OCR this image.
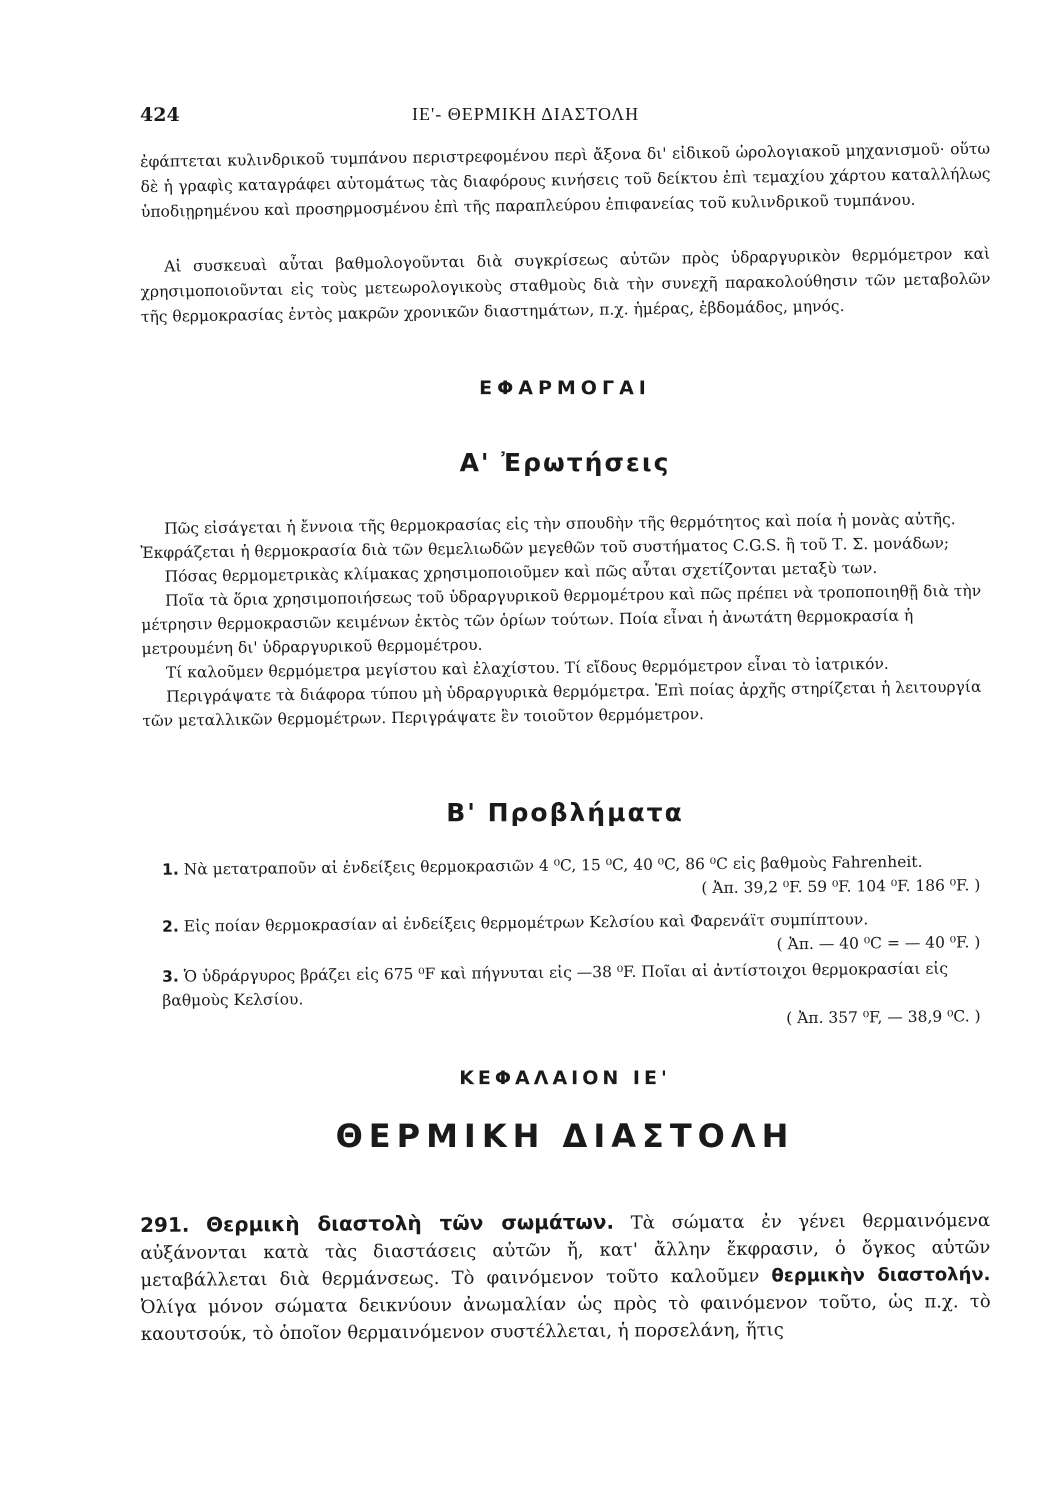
424	ΙΕ'- ΘΕΡΜΙΚΗ ΔΙΑΣΤΟΛΗ
ἐφάπτεται κυλινδρικοῦ τυμπάνου περιστρεφομένου περὶ ἄξονα δι' εἰδικοῦ ὡρολογιακοῦ μηχανισμοῦ· οὕτω δὲ ἡ γραφὶς καταγράφει αὐτομάτως τὰς διαφόρους κινήσεις τοῦ δείκτου ἐπὶ τεμαχίου χάρτου καταλλήλως ὑποδιῃρημένου καὶ προσηρμοσμένου ἐπὶ τῆς παραπλεύρου ἐπιφανείας τοῦ κυλινδρικοῦ τυμπάνου.
Αἱ συσκευαὶ αὗται βαθμολογοῦνται διὰ συγκρίσεως αὐτῶν πρὸς ὑδραργυρικὸν θερμόμετρον καὶ χρησιμοποιοῦνται εἰς τοὺς μετεωρολογικοὺς σταθμοὺς διὰ τὴν συνεχῆ παρακολούθησιν τῶν μεταβολῶν τῆς θερμοκρασίας ἐντὸς μακρῶν χρονικῶν διαστημάτων, π.χ. ἡμέρας, ἑβδομάδος, μηνός.
ΕΦΑΡΜΟΓΑΙ
Α' Ἐρωτήσεις

Πῶς εἰσάγεται ἡ ἔννοια τῆς θερμοκρασίας εἰς τὴν σπουδὴν τῆς θερμότητος καὶ ποία ἡ μονὰς αὐτῆς. Ἐκφράζεται ἡ θερμοκρασία διὰ τῶν θεμελιωδῶν μεγεθῶν τοῦ συστήματος C.G.S. ἢ τοῦ Τ. Σ. μονάδων;

Πόσας θερμομετρικὰς κλίμακας χρησιμοποιοῦμεν καὶ πῶς αὗται σχετίζονται μεταξὺ των.

Ποῖα τὰ ὅρια χρησιμοποιήσεως τοῦ ὑδραργυρικοῦ θερμομέτρου καὶ πῶς πρέπει νὰ τροποποιηθῇ διὰ τὴν μέτρησιν θερμοκρασιῶν κειμένων ἐκτὸς τῶν ὁρίων τούτων. Ποία εἶναι ἡ ἀνωτάτη θερμοκρασία ἡ μετρουμένη δι' ὑδραργυρικοῦ θερμομέτρου.

Τί καλοῦμεν θερμόμετρα μεγίστου καὶ ἐλαχίστου. Τί εἴδους θερμόμετρον εἶναι τὸ ἰατρικόν.

Περιγράψατε τὰ διάφορα τύπου μὴ ὑδραργυρικὰ θερμόμετρα. Ἐπὶ ποίας ἀρχῆς στηρίζεται ἡ λειτουργία τῶν μεταλλικῶν θερμομέτρων. Περιγράψατε ἓν τοιοῦτον θερμόμετρον.

Β' Προβλήματα
1. Νὰ μετατραποῦν αἱ ἐνδείξεις θερμοκρασιῶν 4 ⁰C, 15 ⁰C, 40 ⁰C, 86 ⁰C εἰς βαθμοὺς Fahrenheit.
( Ἀπ. 39,2 ⁰F. 59 ⁰F. 104 ⁰F. 186 ⁰F. )
2. Εἰς ποίαν θερμοκρασίαν αἱ ἐνδείξεις θερμομέτρων Κελσίου καὶ Φαρενάϊτ συμπίπτουν.
( Ἀπ. — 40 ⁰C = — 40 ⁰F. )
3. Ὁ ὑδράργυρος βράζει εἰς 675 ⁰F καὶ πήγνυται εἰς —38 ⁰F. Ποῖαι αἱ ἀντίστοιχοι θερμοκρασίαι εἰς βαθμοὺς Κελσίου.
( Ἀπ. 357 ⁰F, — 38,9 ⁰C. )
ΚΕΦΑΛΑΙΟΝ ΙΕ'
ΘΕΡΜΙΚΗ ΔΙΑΣΤΟΛΗ
291. Θερμικὴ διαστολὴ τῶν σωμάτων. Τὰ σώματα ἐν γένει θερμαινόμενα αὐξάνονται κατὰ τὰς διαστάσεις αὐτῶν ἤ, κατ' ἄλλην ἔκφρασιν, ὁ ὄγκος αὐτῶν μεταβάλλεται διὰ θερμάνσεως. Τὸ φαινόμενον τοῦτο καλοῦμεν θερμικὴν διαστολήν. Ὀλίγα μόνον σώματα δεικνύουν ἀνωμαλίαν ὡς πρὸς τὸ φαινόμενον τοῦτο, ὡς π.χ. τὸ καουτσούκ, τὸ ὁποῖον θερμαινόμενον συστέλλεται, ἡ πορσελάνη, ἥτις
